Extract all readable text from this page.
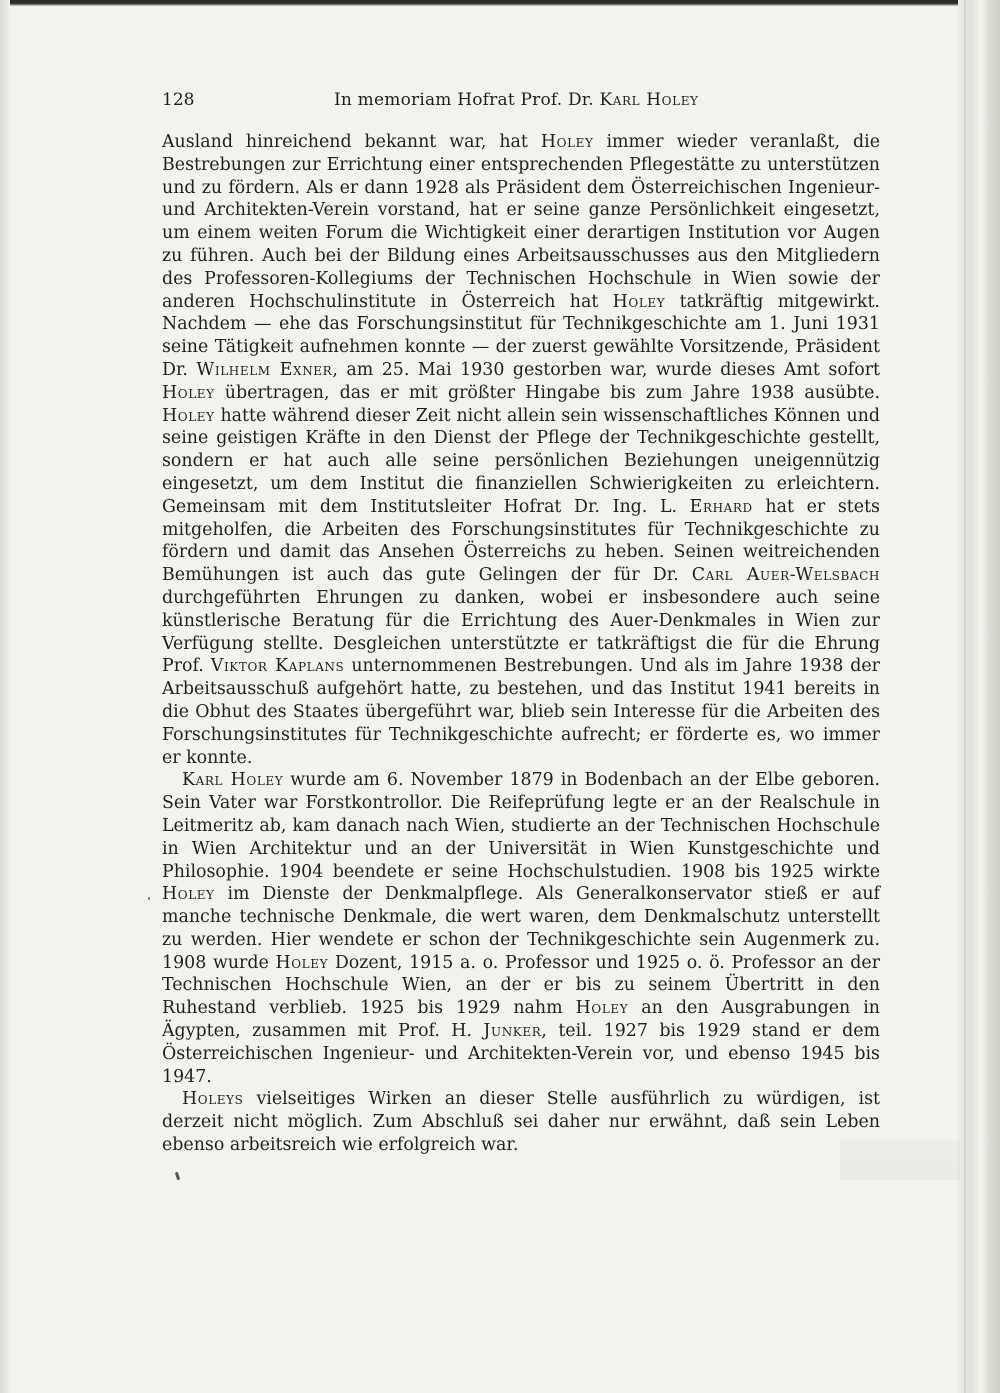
128	In memoriam Hofrat Prof. Dr. Karl Holey

Ausland hinreichend bekannt war, hat Holey immer wieder veranlaßt, die Bestrebungen zur Errichtung einer entsprechenden Pflegestätte zu unterstützen und zu fördern. Als er dann 1928 als Präsident dem Österreichischen Ingenieur- und Architekten-Verein vorstand, hat er seine ganze Persönlichkeit eingesetzt, um einem weiten Forum die Wichtigkeit einer derartigen Institution vor Augen zu führen. Auch bei der Bildung eines Arbeitsausschusses aus den Mitgliedern des Professoren-Kollegiums der Technischen Hochschule in Wien sowie der anderen Hochschulinstitute in Österreich hat Holey tatkräftig mitgewirkt. Nachdem — ehe das Forschungsinstitut für Technikgeschichte am 1. Juni 1931 seine Tätigkeit aufnehmen konnte — der zuerst gewählte Vorsitzende, Präsident Dr. Wilhelm Exner, am 25. Mai 1930 gestorben war, wurde dieses Amt sofort Holey übertragen, das er mit größter Hingabe bis zum Jahre 1938 ausübte. Holey hatte während dieser Zeit nicht allein sein wissenschaftliches Können und seine geistigen Kräfte in den Dienst der Pflege der Technikgeschichte gestellt, sondern er hat auch alle seine persönlichen Beziehungen uneigennützig eingesetzt, um dem Institut die finanziellen Schwierigkeiten zu erleichtern. Gemeinsam mit dem Institutsleiter Hofrat Dr. Ing. L. Erhard hat er stets mitgeholfen, die Arbeiten des Forschungsinstitutes für Technikgeschichte zu fördern und damit das Ansehen Österreichs zu heben. Seinen weitreichenden Bemühungen ist auch das gute Gelingen der für Dr. Carl Auer-Welsbach durchgeführten Ehrungen zu danken, wobei er insbesondere auch seine künstlerische Beratung für die Errichtung des Auer-Denkmales in Wien zur Verfügung stellte. Desgleichen unterstützte er tatkräftigst die für die Ehrung Prof. Viktor Kaplans unternommenen Bestrebungen. Und als im Jahre 1938 der Arbeitsausschuß aufgehört hatte, zu bestehen, und das Institut 1941 bereits in die Obhut des Staates übergeführt war, blieb sein Interesse für die Arbeiten des Forschungsinstitutes für Technikgeschichte aufrecht; er förderte es, wo immer er konnte.

Karl Holey wurde am 6. November 1879 in Bodenbach an der Elbe geboren. Sein Vater war Forstkontrollor. Die Reifeprüfung legte er an der Realschule in Leitmeritz ab, kam danach nach Wien, studierte an der Technischen Hochschule in Wien Architektur und an der Universität in Wien Kunstgeschichte und Philosophie. 1904 beendete er seine Hochschulstudien. 1908 bis 1925 wirkte Holey im Dienste der Denkmalpflege. Als Generalkonservator stieß er auf manche technische Denkmale, die wert waren, dem Denkmalschutz unterstellt zu werden. Hier wendete er schon der Technikgeschichte sein Augenmerk zu. 1908 wurde Holey Dozent, 1915 a. o. Professor und 1925 o. ö. Professor an der Technischen Hochschule Wien, an der er bis zu seinem Übertritt in den Ruhestand verblieb. 1925 bis 1929 nahm Holey an den Ausgrabungen in Ägypten, zusammen mit Prof. H. Junker, teil. 1927 bis 1929 stand er dem Österreichischen Ingenieur- und Architekten-Verein vor, und ebenso 1945 bis 1947.

Holeys vielseitiges Wirken an dieser Stelle ausführlich zu würdigen, ist derzeit nicht möglich. Zum Abschluß sei daher nur erwähnt, daß sein Leben ebenso arbeitsreich wie erfolgreich war.
